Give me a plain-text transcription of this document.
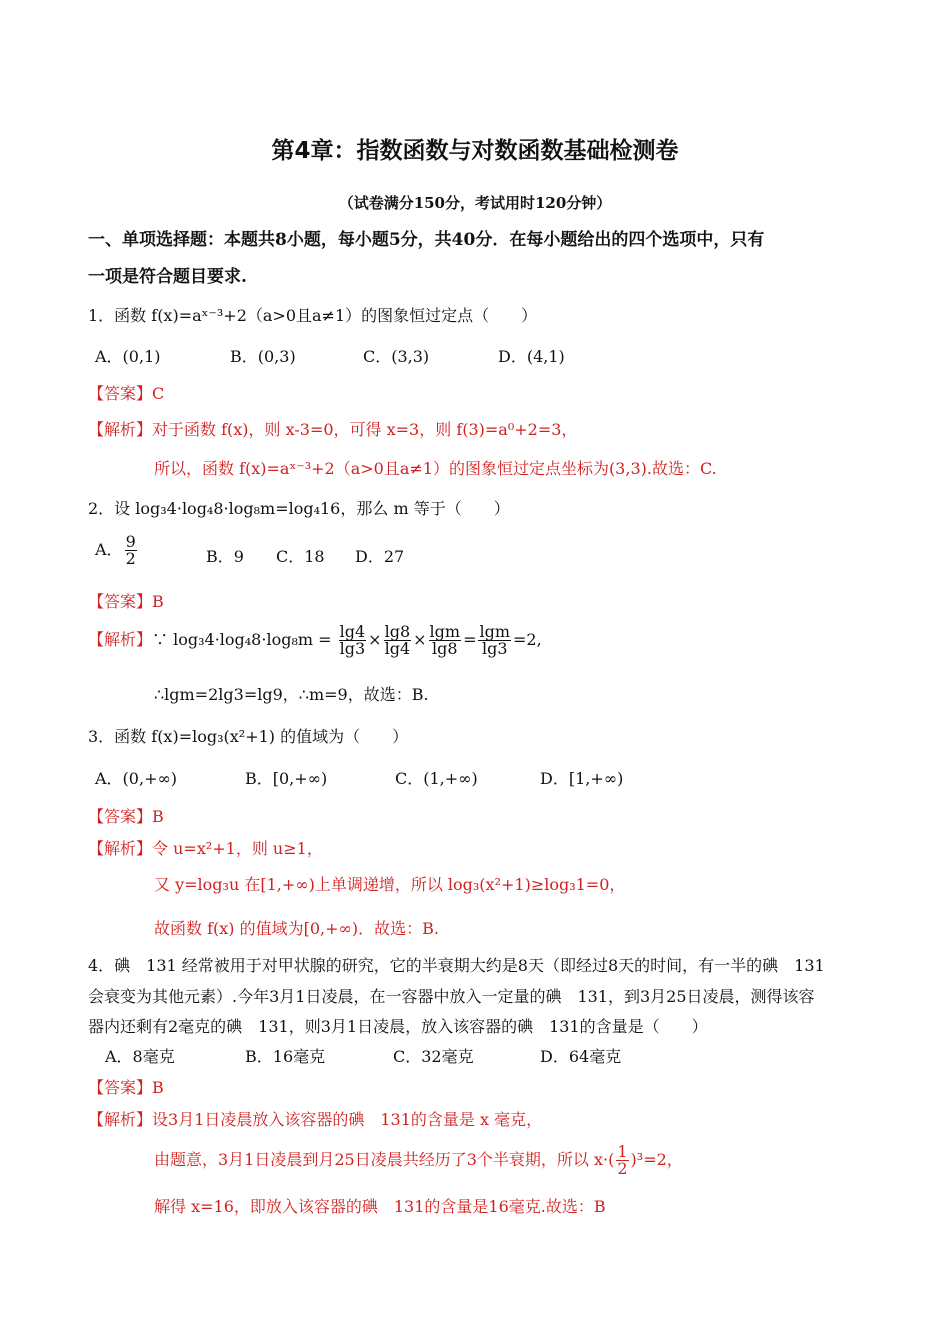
第4章：指数函数与对数函数基础检测卷
（试卷满分150分，考试用时120分钟）
一、单项选择题：本题共8小题，每小题5分，共40分．在每小题给出的四个选项中，只有
一项是符合题目要求.
1．函数 f(x)=aˣ⁻³+2（a>0且a≠1）的图象恒过定点（　　）
A．(0,1)	B．(0,3)	C．(3,3)	D．(4,1)
【答案】C
【解析】对于函数 f(x)，则 x-3=0，可得 x=3，则 f(3)=a⁰+2=3，
所以，函数 f(x)=aˣ⁻³+2（a>0且a≠1）的图象恒过定点坐标为(3,3).故选：C.
2．设 log₃4·log₄8·log₈m=log₄16，那么 m 等于（　　）
A． $\frac{9}{2}$	B．9 C．18 D．27
【答案】B
【解析】∵ $\log_34\cdot\log_48\cdot\log_8m = \frac{\lg 4}{\lg 3} \times \frac{\lg 8}{\lg 4} \times \frac{\lg m}{\lg 8} = \frac{\lg m}{\lg 3} =2$,
∴lgm=2lg3=lg9，∴m=9，故选：B.
3．函数 f(x)=log₃(x²+1) 的值域为（　　）
A．(0,+∞)	B．[0,+∞)	C．(1,+∞)	D．[1,+∞)
【答案】B
【解析】令 u=x²+1，则 u≥1，
又 y=log₃u 在[1,+∞)上单调递增，所以 log₃(x²+1)≥log₃1=0，
故函数 f(x) 的值域为[0,+∞)．故选：B.
4．碘　131 经常被用于对甲状腺的研究，它的半衰期大约是8天（即经过8天的时间，有一半的碘　131
会衰变为其他元素）.今年3月1日凌晨，在一容器中放入一定量的碘　131，到3月25日凌晨，测得该容
器内还剩有2毫克的碘　131，则3月1日凌晨，放入该容器的碘　131的含量是（　　）
A．8毫克	B．16毫克	C．32毫克	D．64毫克
【答案】B
【解析】设3月1日凌晨放入该容器的碘　131的含量是 x 毫克，
由题意，3月1日凌晨到月25日凌晨共经历了3个半衰期，所以 $x\cdot( \frac{1}{2} )^3=2$，
解得 x=16，即放入该容器的碘　131的含量是16毫克.故选：B
